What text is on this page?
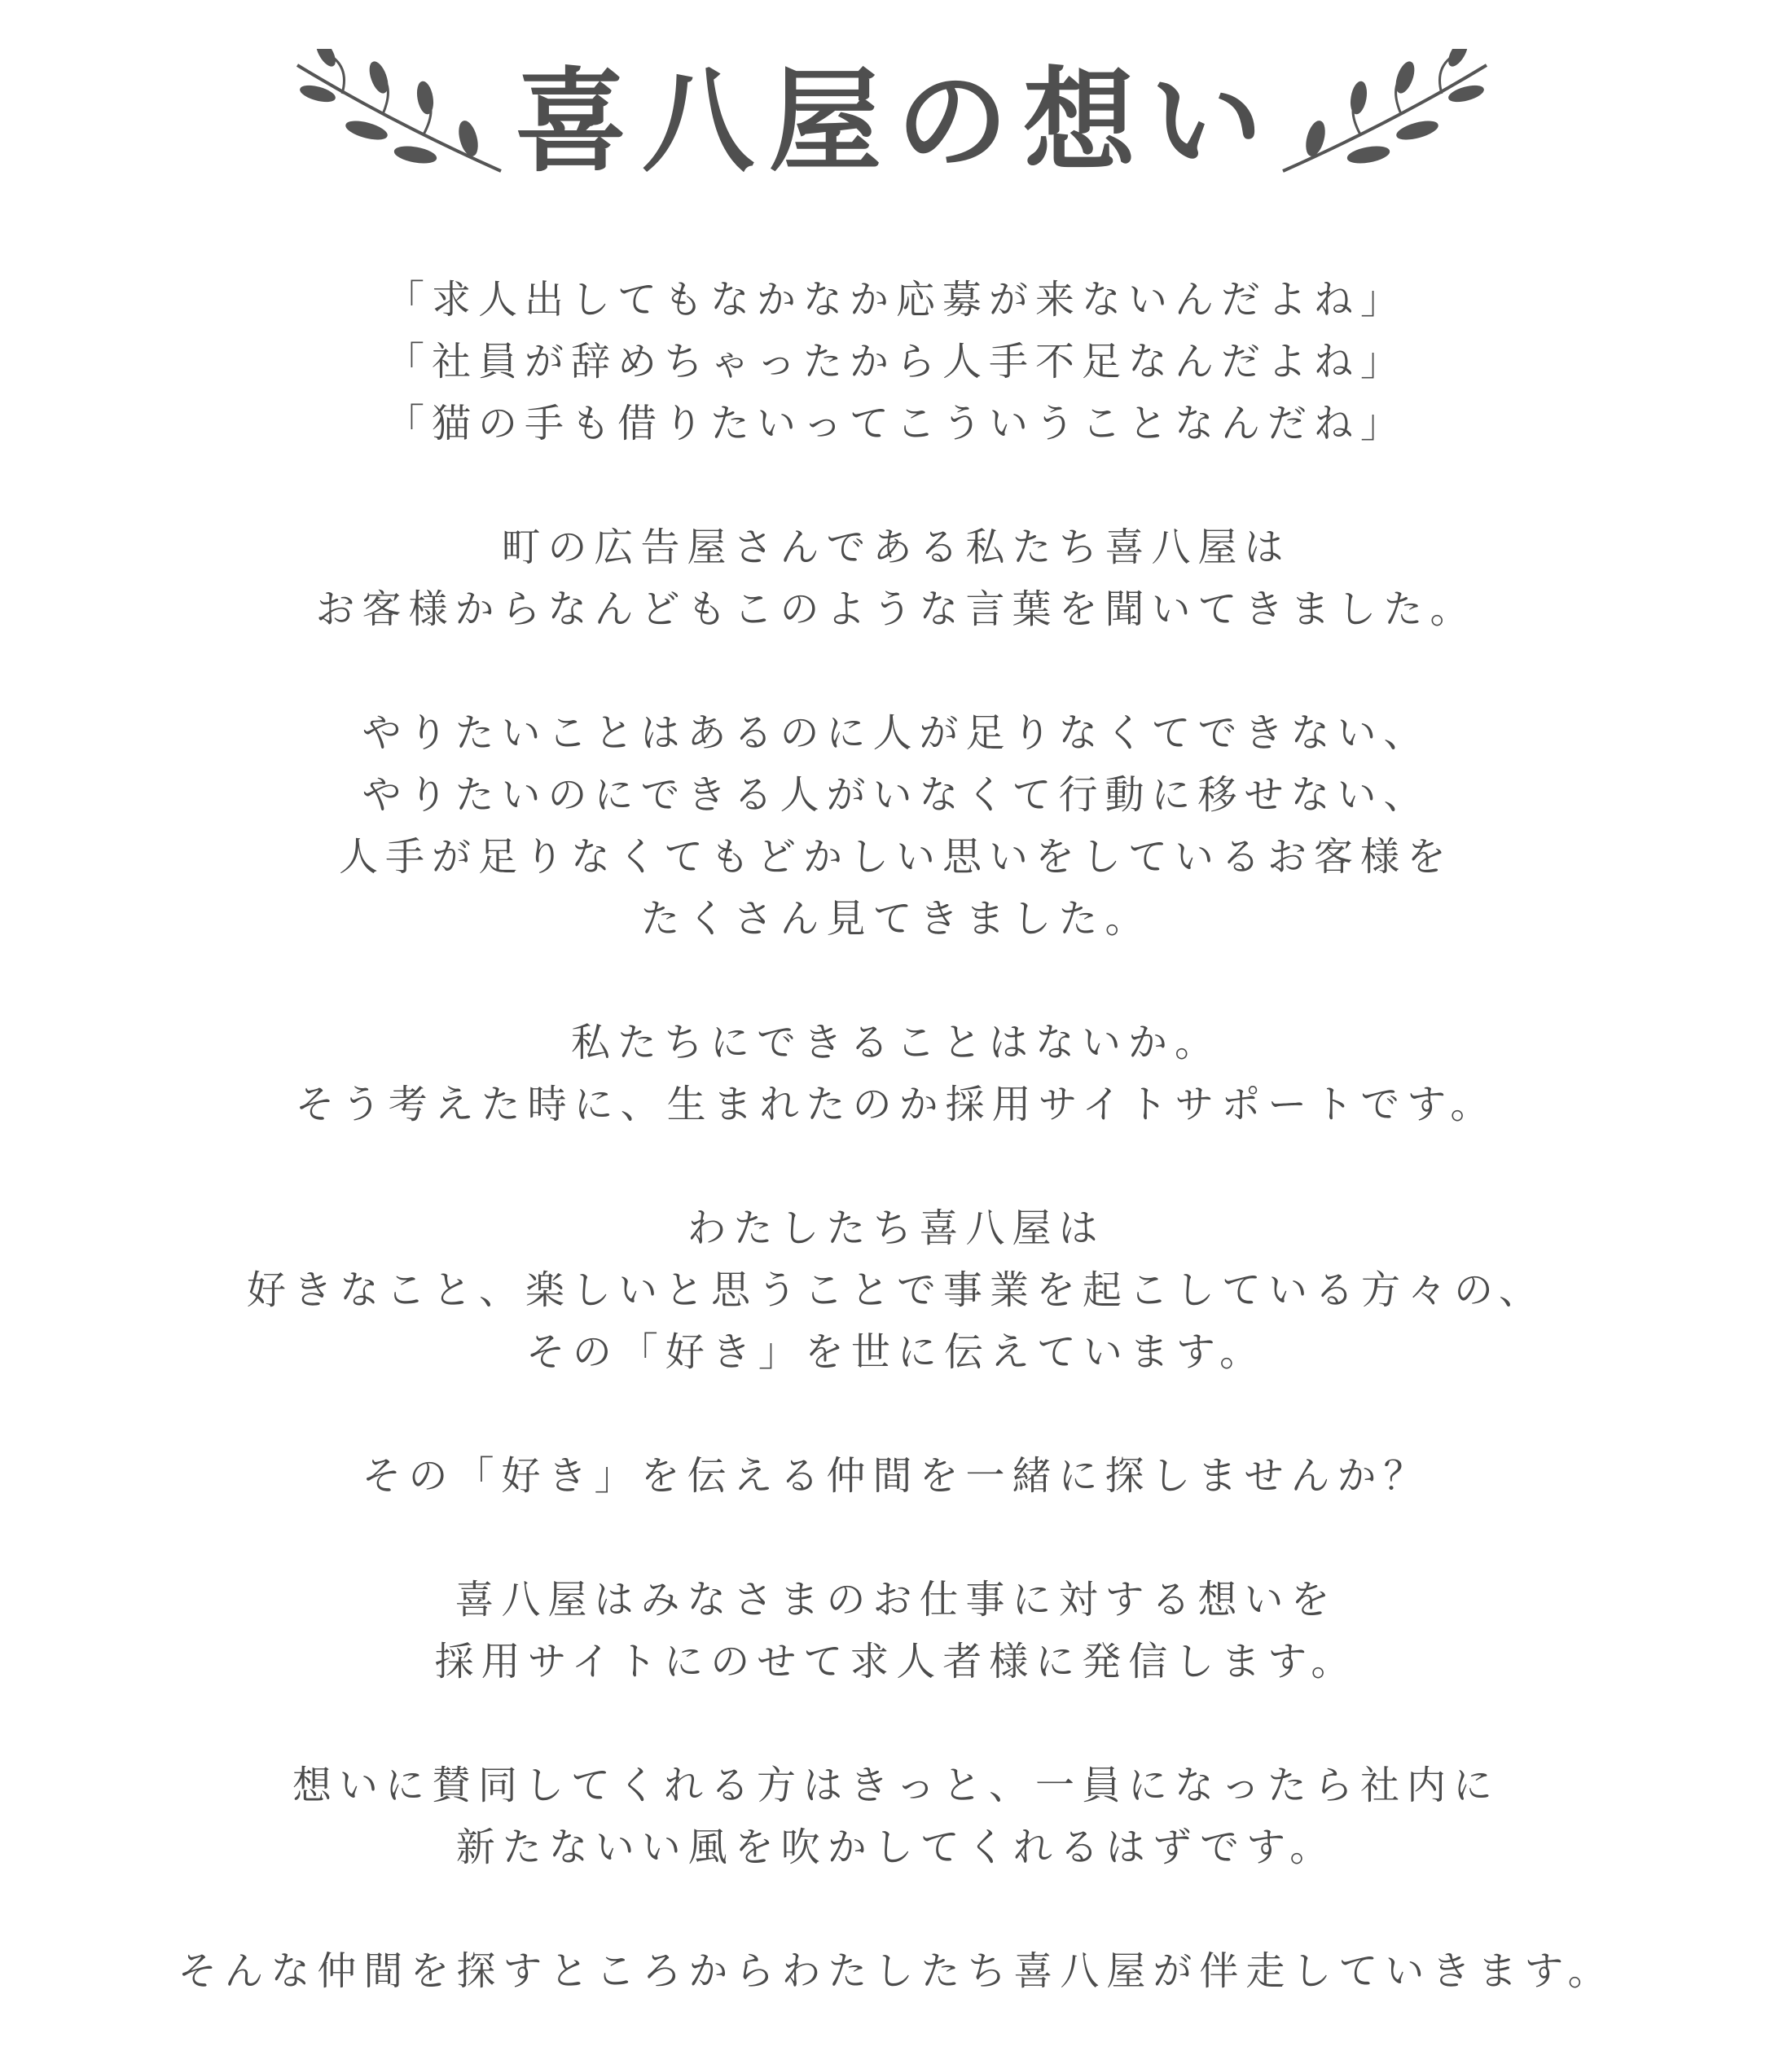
喜八屋の想い
「求人出してもなかなか応募が来ないんだよね」
「社員が辞めちゃったから人手不足なんだよね」
「猫の手も借りたいってこういうことなんだね」
町の広告屋さんである私たち喜八屋は
お客様からなんどもこのような言葉を聞いてきました。
やりたいことはあるのに人が足りなくてできない、
やりたいのにできる人がいなくて行動に移せない、
人手が足りなくてもどかしい思いをしているお客様を
たくさん見てきました。
私たちにできることはないか。
そう考えた時に、生まれたのか採用サイトサポートです。
わたしたち喜八屋は
好きなこと、楽しいと思うことで事業を起こしている方々の、
その「好き」を世に伝えています。
その「好き」を伝える仲間を一緒に探しませんか？
喜八屋はみなさまのお仕事に対する想いを
採用サイトにのせて求人者様に発信します。
想いに賛同してくれる方はきっと、一員になったら社内に
新たないい風を吹かしてくれるはずです。
そんな仲間を探すところからわたしたち喜八屋が伴走していきます。
